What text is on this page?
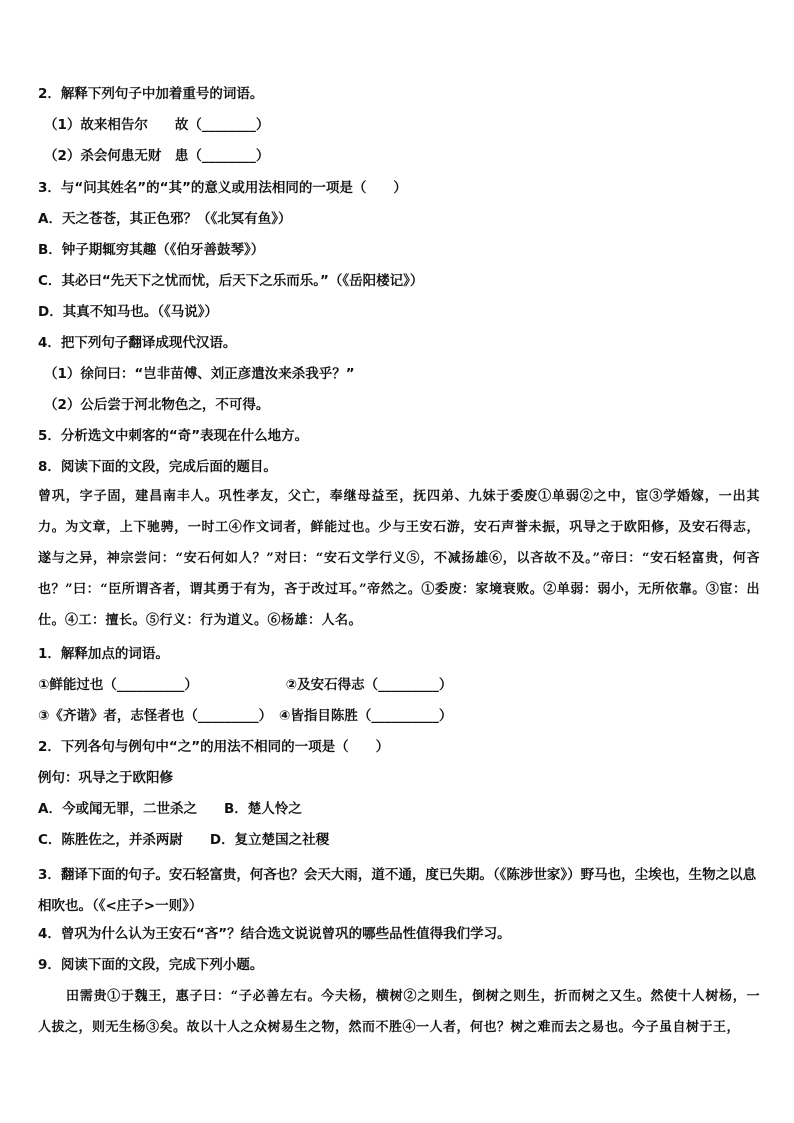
曾巩，字子固，建昌南丰人。巩性孝友，父亡，奉继母益至，抚四弟、九妹于委废①单弱②之中，宦③学婚嫁，一出其力。为文章，上下驰骋，一时工④作文词者，鲜能过也。少与王安石游，安石声誉未振，巩导之于欧阳修，及安石得志，遂与之异，神宗尝问：“安石何如人？”对曰：“安石文学行义⑤，不减扬雄⑥，以吝故不及。”帝曰：“安石轻富贵，何吝也？”曰：“臣所谓吝者，谓其勇于有为，吝于改过耳。”帝然之。①委废：家境衰败。②单弱：弱小，无所依靠。③宦：出仕。④工：擅长。⑤行义：行为道义。⑥杨雄：人名。
3．翻译下面的句子。安石轻富贵，何吝也？会天大雨，道不通，度已失期。（《陈涉世家》）野马也，尘埃也，生物之以息相吹也。（《<庄子>一则》）
田需贵①于魏王，惠子曰：“子必善左右。今夫杨，横树②之则生，倒树之则生，折而树之又生。然使十人树杨，一人拔之，则无生杨③矣。故以十人之众树易生之物，然而不胜④一人者，何也？树之难而去之易也。今子虽自树于王，
2．解释下列句子中加着重号的词语。
（1）故来相告尔　　故（________）
（2）杀会何患无财　患（________）
3．与“问其姓名”的“其”的意义或用法相同的一项是（　　）
A．天之苍苍，其正色邪？（《北冥有鱼》）
B．钟子期辄穷其趣（《伯牙善鼓琴》）
C．其必曰“先天下之忧而忧，后天下之乐而乐。”（《岳阳楼记》）
D．其真不知马也。（《马说》）
4．把下列句子翻译成现代汉语。
（1）徐问曰：“岂非苗傅、刘正彦遣汝来杀我乎？”
（2）公后尝于河北物色之，不可得。
5．分析选文中刺客的“奇”表现在什么地方。
8．阅读下面的文段，完成后面的题目。
1．解释加点的词语。
①鲜能过也（__________）　　　　　　　②及安石得志（_________）
③《齐谐》者，志怪者也（_________）　④皆指目陈胜（__________）
2．下列各句与例句中“之”的用法不相同的一项是（　　）
例句：巩导之于欧阳修
A．今或闻无罪，二世杀之　　B．楚人怜之
C．陈胜佐之，并杀两尉　　D．复立楚国之社稷
4．曾巩为什么认为王安石“吝”？结合选文说说曾巩的哪些品性值得我们学习。
9．阅读下面的文段，完成下列小题。
